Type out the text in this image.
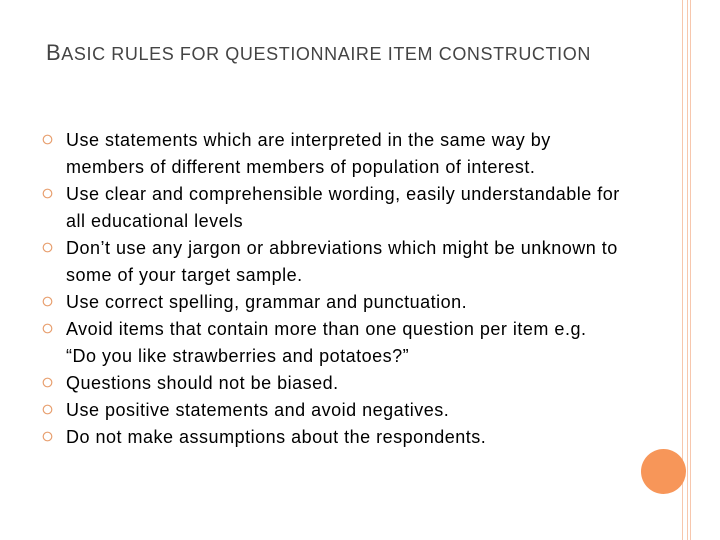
BASIC RULES FOR QUESTIONNAIRE ITEM CONSTRUCTION
Use statements which are interpreted in the same way by members of different members of population of interest.
Use clear and comprehensible wording, easily understandable for all educational levels
Don’t use any jargon or abbreviations which might be unknown to some of your target sample.
Use correct spelling, grammar and punctuation.
Avoid items that contain more than one question per item e.g. “Do you like strawberries and potatoes?”
Questions should not be biased.
Use positive statements and avoid negatives.
Do not make assumptions about the respondents.
